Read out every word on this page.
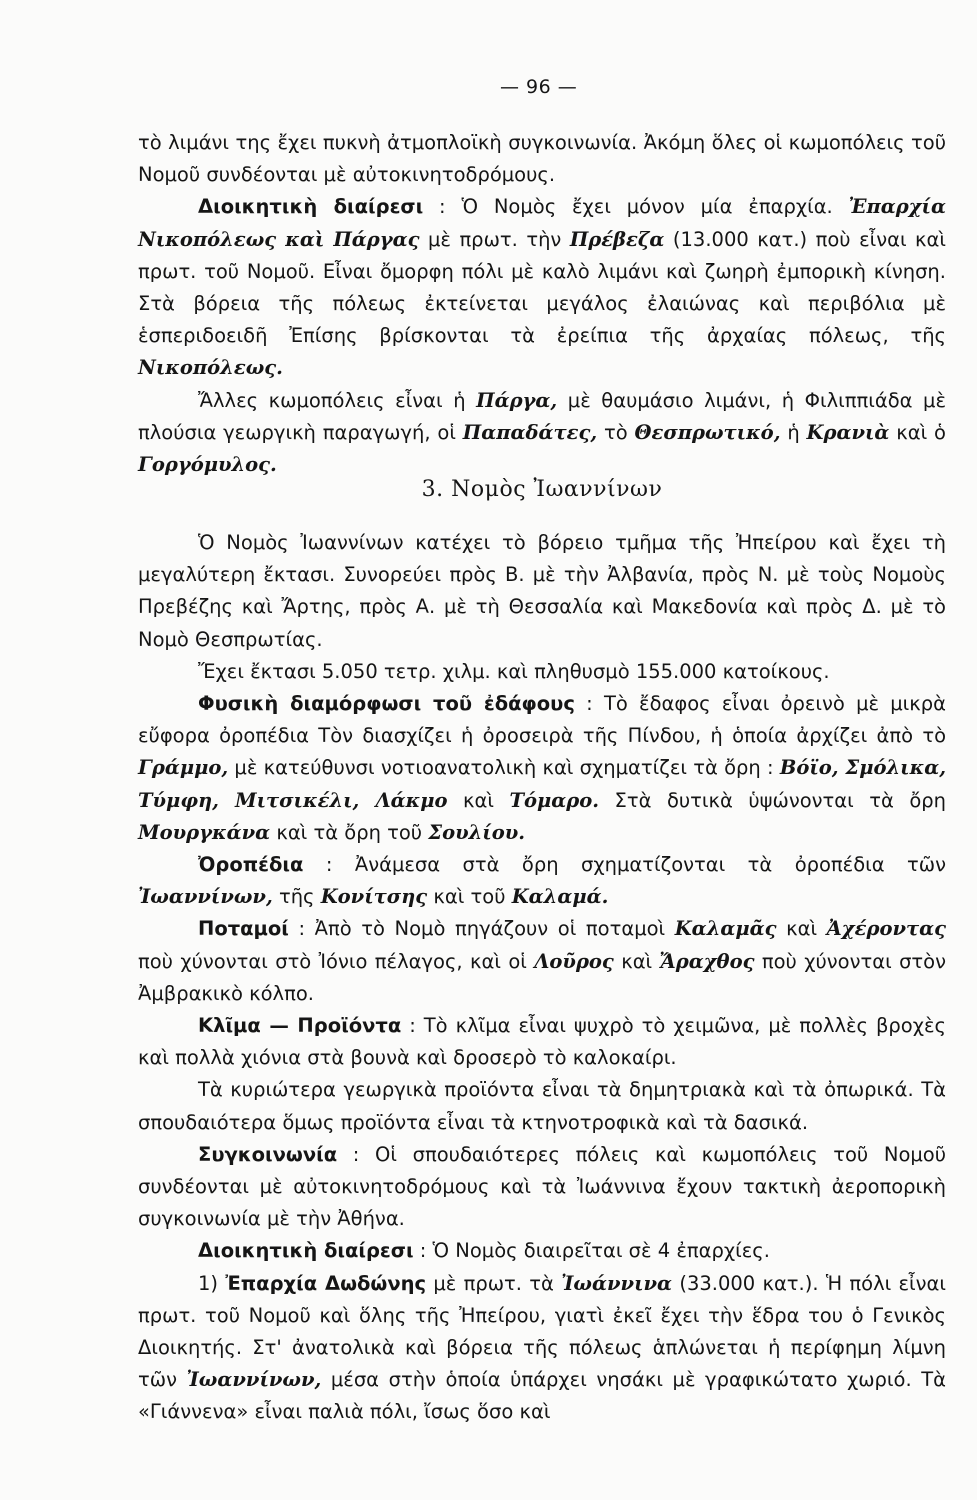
— 96 —

τὸ λιμάνι της ἔχει πυκνὴ ἀτμοπλοϊκὴ συγκοινωνία. Ἀκόμη ὅλες οἱ κωμοπόλεις τοῦ Νομοῦ συνδέονται μὲ αὐτοκινητοδρόμους.

Διοικητικὴ διαίρεσι : Ὁ Νομὸς ἔχει μόνον μία ἐπαρχία. Ἐπαρχία Νικοπόλεως καὶ Πάργας μὲ πρωτ. τὴν Πρέβεζα (13.000 κατ.) ποὺ εἶναι καὶ πρωτ. τοῦ Νομοῦ. Εἶναι ὄμορφη πόλι μὲ καλὸ λιμάνι καὶ ζωηρὴ ἐμπορικὴ κίνηση. Στὰ βόρεια τῆς πόλεως ἐκτείνεται μεγάλος ἐλαιώνας καὶ περιβόλια μὲ ἑσπεριδοειδῆ Ἐπίσης βρίσκονται τὰ ἐρείπια τῆς ἀρχαίας πόλεως, τῆς Νικοπόλεως.

Ἄλλες κωμοπόλεις εἶναι ἡ Πάργα, μὲ θαυμάσιο λιμάνι, ἡ Φιλιππιάδα μὲ πλούσια γεωργικὴ παραγωγή, οἱ Παπαδάτες, τὸ Θεσπρωτικό, ἡ Κρανιὰ καὶ ὁ Γοργόμυλος.

3. Νομὸς Ἰωαννίνων

Ὁ Νομὸς Ἰωαννίνων κατέχει τὸ βόρειο τμῆμα τῆς Ἠπείρου καὶ ἔχει τὴ μεγαλύτερη ἔκτασι. Συνορεύει πρὸς Β. μὲ τὴν Ἀλβανία, πρὸς Ν. μὲ τοὺς Νομοὺς Πρεβέζης καὶ Ἄρτης, πρὸς Α. μὲ τὴ Θεσσαλία καὶ Μακεδονία καὶ πρὸς Δ. μὲ τὸ Νομὸ Θεσπρωτίας.

Ἔχει ἔκτασι 5.050 τετρ. χιλμ. καὶ πληθυσμὸ 155.000 κατοίκους.

Φυσικὴ διαμόρφωσι τοῦ ἐδάφους : Τὸ ἔδαφος εἶναι ὀρεινὸ μὲ μικρὰ εὔφορα ὀροπέδια Τὸν διασχίζει ἡ ὀροσειρὰ τῆς Πίνδου, ἡ ὁποία ἀρχίζει ἀπὸ τὸ Γράμμο, μὲ κατεύθυνσι νοτιοανατολικὴ καὶ σχηματίζει τὰ ὄρη : Βόϊο, Σμόλικα, Τύμφη, Μιτσικέλι, Λάκμο καὶ Τόμαρο. Στὰ δυτικὰ ὑψώνονται τὰ ὄρη Μουργκάνα καὶ τὰ ὄρη τοῦ Σουλίου.

Ὀροπέδια : Ἀνάμεσα στὰ ὄρη σχηματίζονται τὰ ὀροπέδια τῶν Ἰωαννίνων, τῆς Κονίτσης καὶ τοῦ Καλαμά.

Ποταμοί : Ἀπὸ τὸ Νομὸ πηγάζουν οἱ ποταμοὶ Καλαμᾶς καὶ Ἀχέροντας ποὺ χύνονται στὸ Ἰόνιο πέλαγος, καὶ οἱ Λοῦρος καὶ Ἄραχθος ποὺ χύνονται στὸν Ἀμβρακικὸ κόλπο.

Κλῖμα — Προϊόντα : Τὸ κλῖμα εἶναι ψυχρὸ τὸ χειμῶνα, μὲ πολλὲς βροχὲς καὶ πολλὰ χιόνια στὰ βουνὰ καὶ δροσερὸ τὸ καλοκαίρι.

Τὰ κυριώτερα γεωργικὰ προϊόντα εἶναι τὰ δημητριακὰ καὶ τὰ ὀπωρικά. Τὰ σπουδαιότερα ὅμως προϊόντα εἶναι τὰ κτηνοτροφικὰ καὶ τὰ δασικά.

Συγκοινωνία : Οἱ σπουδαιότερες πόλεις καὶ κωμοπόλεις τοῦ Νομοῦ συνδέονται μὲ αὐτοκινητοδρόμους καὶ τὰ Ἰωάννινα ἔχουν τακτικὴ ἀεροπορικὴ συγκοινωνία μὲ τὴν Ἀθήνα.

Διοικητικὴ διαίρεσι : Ὁ Νομὸς διαιρεῖται σὲ 4 ἐπαρχίες.

1) Ἐπαρχία Δωδώνης μὲ πρωτ. τὰ Ἰωάννινα (33.000 κατ.). Ἡ πόλι εἶναι πρωτ. τοῦ Νομοῦ καὶ ὅλης τῆς Ἠπείρου, γιατὶ ἐκεῖ ἔχει τὴν ἕδρα του ὁ Γενικὸς Διοικητής. Στ' ἀνατολικὰ καὶ βόρεια τῆς πόλεως ἁπλώνεται ἡ περίφημη λίμνη τῶν Ἰωαννίνων, μέσα στὴν ὁποία ὑπάρχει νησάκι μὲ γραφικώτατο χωριό. Τὰ «Γιάννενα» εἶναι παλιὰ πόλι, ἴσως ὅσο καὶ
